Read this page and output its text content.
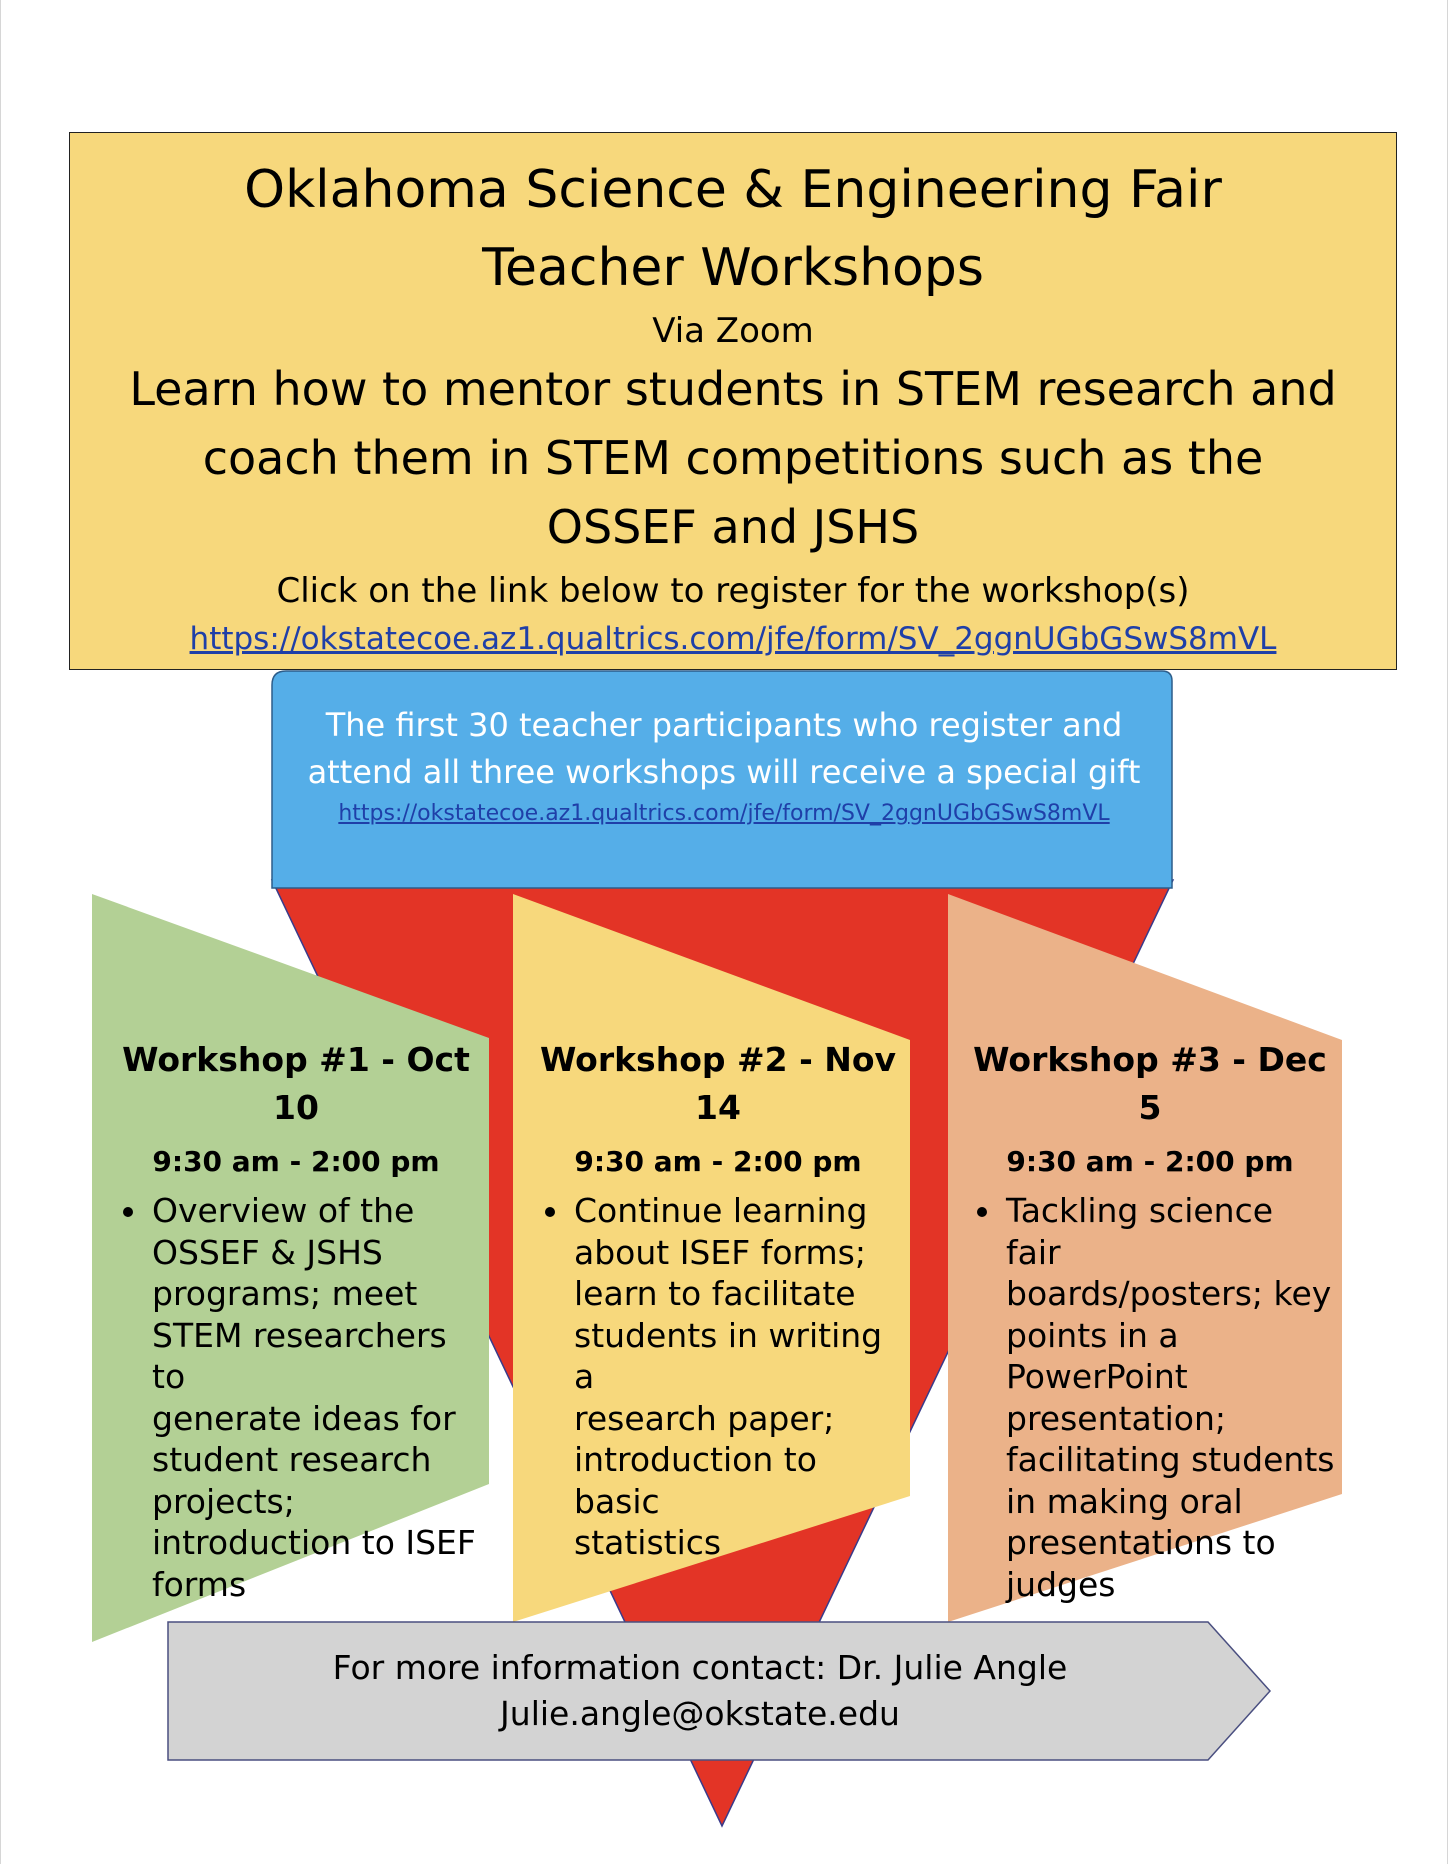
Oklahoma Science & Engineering Fair
Teacher Workshops
Via Zoom
Learn how to mentor students in STEM research and
coach them in STEM competitions such as the
OSSEF and JSHS
Click on the link below to register for the workshop(s)
https://okstatecoe.az1.qualtrics.com/jfe/form/SV_2ggnUGbGSwS8mVL
The first 30 teacher participants who register and
attend all three workshops will receive a special gift
https://okstatecoe.az1.qualtrics.com/jfe/form/SV_2ggnUGbGSwS8mVL
Workshop #1 - Oct 10
9:30 am - 2:00 pm
• Overview of the
OSSEF & JSHS
programs; meet
STEM researchers to
generate ideas for
student research
projects;
introduction to ISEF
forms
Workshop #2 - Nov 14
9:30 am - 2:00 pm
• Continue learning
about ISEF forms;
learn to facilitate
students in writing a
research paper;
introduction to basic
statistics
Workshop #3 - Dec 5
9:30 am - 2:00 pm
• Tackling science fair
boards/posters; key
points in a
PowerPoint
presentation;
facilitating students
in making oral
presentations to
judges
For more information contact: Dr. Julie Angle
Julie.angle@okstate.edu
